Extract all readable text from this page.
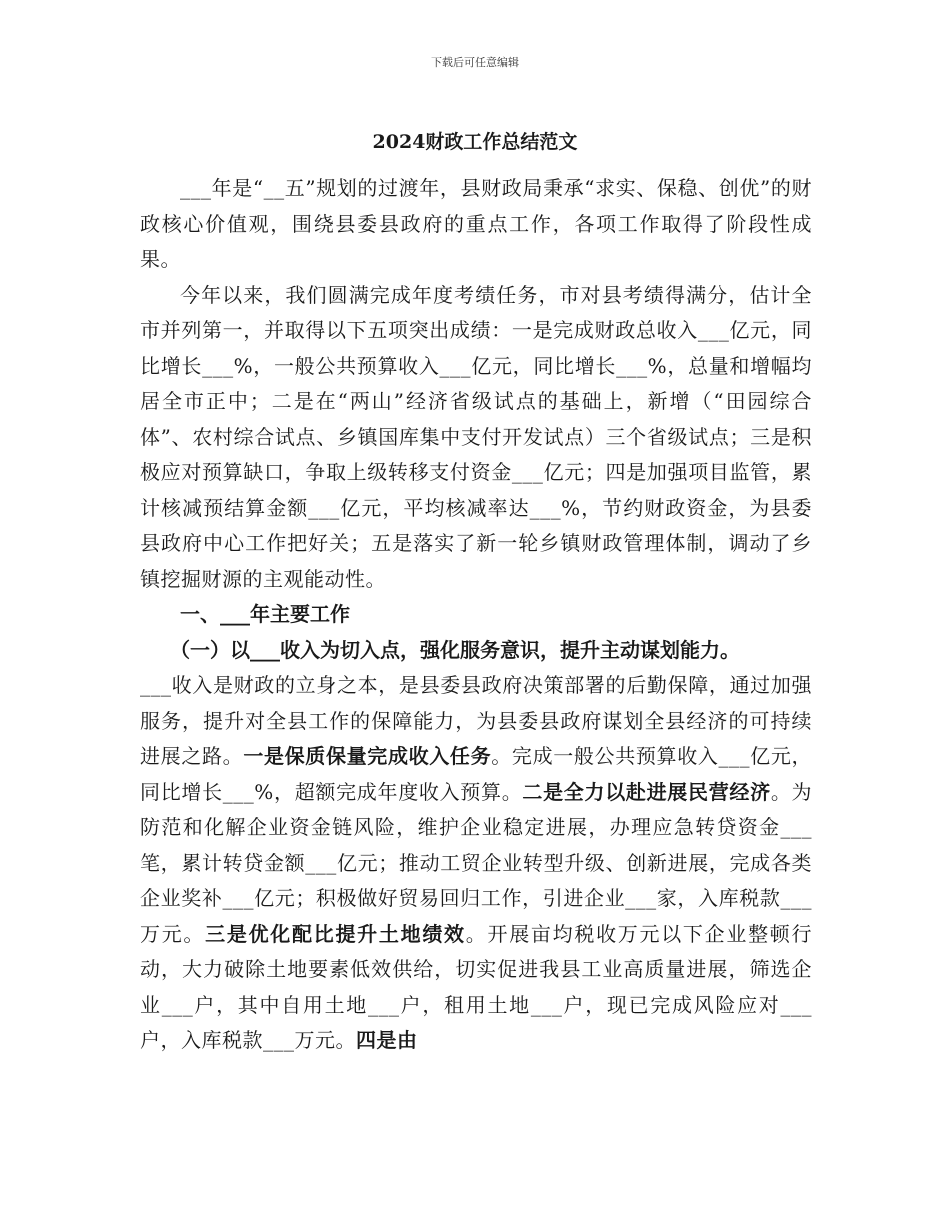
下载后可任意编辑
2024财政工作总结范文

___年是“__五”规划的过渡年，县财政局秉承“求实、保稳、创优”的财政核心价值观，围绕县委县政府的重点工作，各项工作取得了阶段性成果。

今年以来，我们圆满完成年度考绩任务，市对县考绩得满分，估计全市并列第一，并取得以下五项突出成绩：一是完成财政总收入___亿元，同比增长___%，一般公共预算收入___亿元，同比增长___%，总量和增幅均居全市正中；二是在“两山”经济省级试点的基础上，新增（“田园综合体”、农村综合试点、乡镇国库集中支付开发试点）三个省级试点；三是积极应对预算缺口，争取上级转移支付资金___亿元；四是加强项目监管，累计核减预结算金额___亿元，平均核减率达___%，节约财政资金，为县委县政府中心工作把好关；五是落实了新一轮乡镇财政管理体制，调动了乡镇挖掘财源的主观能动性。

一、___年主要工作

（一）以___收入为切入点，强化服务意识，提升主动谋划能力。

___收入是财政的立身之本，是县委县政府决策部署的后勤保障，通过加强服务，提升对全县工作的保障能力，为县委县政府谋划全县经济的可持续进展之路。一是保质保量完成收入任务。完成一般公共预算收入___亿元，同比增长___%，超额完成年度收入预算。二是全力以赴进展民营经济。为防范和化解企业资金链风险，维护企业稳定进展，办理应急转贷资金___笔，累计转贷金额___亿元；推动工贸企业转型升级、创新进展，完成各类企业奖补___亿元；积极做好贸易回归工作，引进企业___家，入库税款___万元。三是优化配比提升土地绩效。开展亩均税收万元以下企业整顿行动，大力破除土地要素低效供给，切实促进我县工业高质量进展，筛选企业___户，其中自用土地___户，租用土地___户，现已完成风险应对___户，入库税款___万元。四是由
